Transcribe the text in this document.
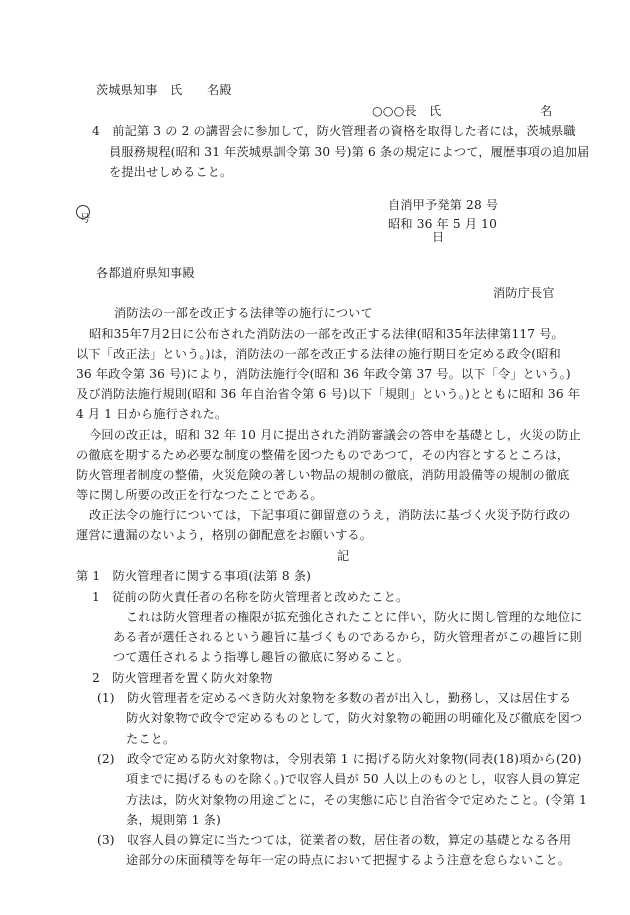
茨城県知事　氏　　名殿
○○○長　氏	名
4　前記第 3 の 2 の講習会に参加して，防火管理者の資格を取得した者には，茨城県職
員服務規程(昭和 31 年茨城県訓令第 30 号)第 6 条の規定によつて，履歴事項の追加届
を提出せしめること。
号
自消甲予発第 28 号
昭和 36 年 5 月 10
日
各都道府県知事殿
消防庁長官
消防法の一部を改正する法律等の施行について
昭和35年7月2日に公布された消防法の一部を改正する法律(昭和35年法律第117 号。
以下「改正法」という。)は，消防法の一部を改正する法律の施行期日を定める政令(昭和
36 年政令第 36 号)により，消防法施行令(昭和 36 年政令第 37 号。以下「令」という。)
及び消防法施行規則(昭和 36 年自治省令第 6 号)以下「規則」という。)とともに昭和 36 年
4 月 1 日から施行された。
今回の改正は，昭和 32 年 10 月に提出された消防審議会の答申を基礎とし，火災の防止
の徹底を期するため必要な制度の整備を図つたものであつて，その内容とするところは，
防火管理者制度の整備，火災危険の著しい物品の規制の徹底，消防用設備等の規制の徹底
等に関し所要の改正を行なつたことである。
改正法令の施行については，下記事項に御留意のうえ，消防法に基づく火災予防行政の
運営に遺漏のないよう，格別の御配意をお願いする。
記
第 1　防火管理者に関する事項(法第 8 条)
1　従前の防火責任者の名称を防火管理者と改めたこと。
これは防火管理者の権限が拡充強化されたことに伴い，防火に関し管理的な地位に
ある者が選任されるという趣旨に基づくものであるから，防火管理者がこの趣旨に則
つて選任されるよう指導し趣旨の徹底に努めること。
2　防火管理者を置く防火対象物
(1)　防火管理者を定めるべき防火対象物を多数の者が出入し，勤務し，又は居住する
防火対象物で政令で定めるものとして，防火対象物の範囲の明確化及び徹底を図つ
たこと。
(2)　政令で定める防火対象物は，令別表第 1 に掲げる防火対象物(同表(18)項から(20)
項までに掲げるものを除く。)で収容人員が 50 人以上のものとし，収容人員の算定
方法は，防火対象物の用途ごとに，その実態に応じ自治省令で定めたこと。(令第 1
条，規則第 1 条)
(3)　収容人員の算定に当たつては，従業者の数，居住者の数，算定の基礎となる各用
途部分の床面積等を毎年一定の時点において把握するよう注意を怠らないこと。
